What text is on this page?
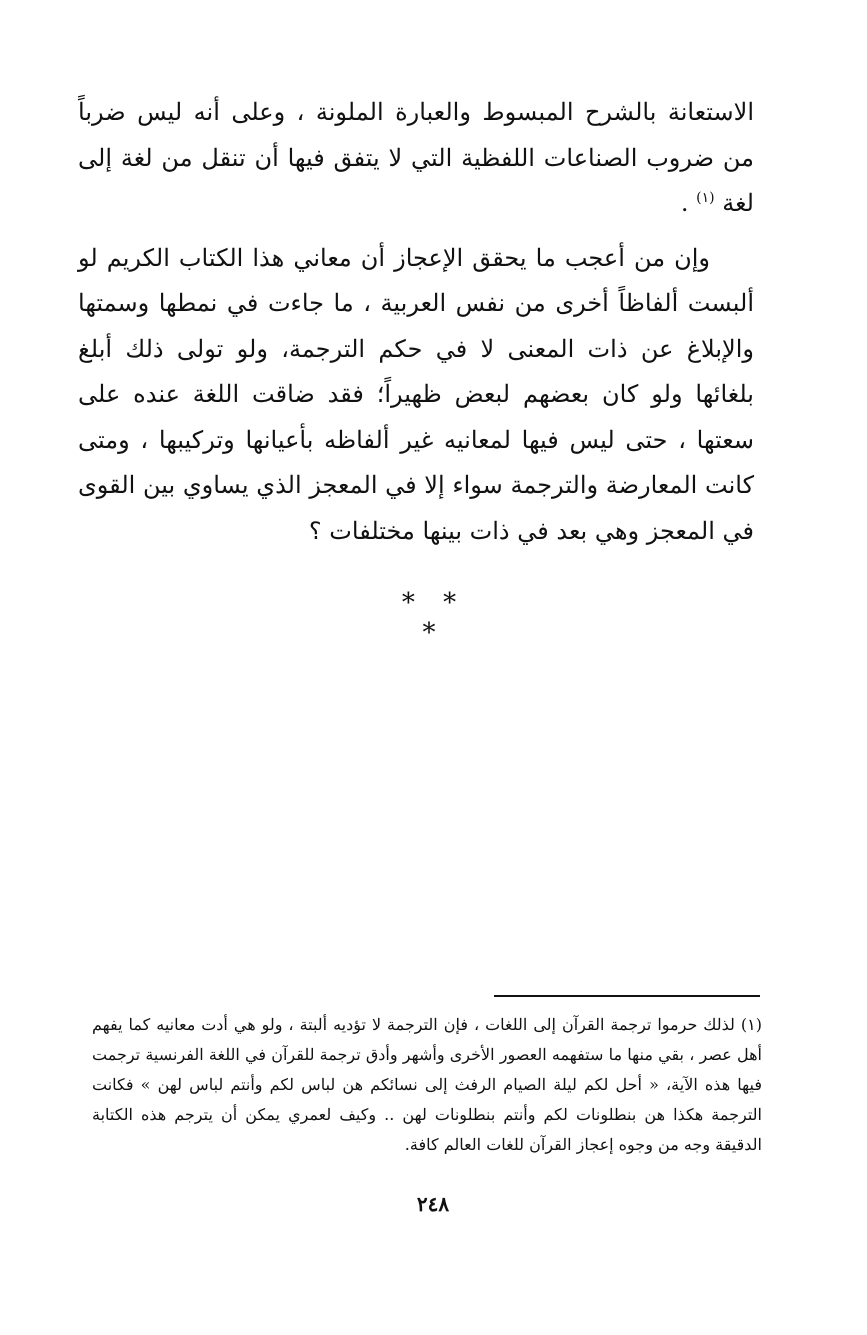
الاستعانة بالشرح المبسوط والعبارة الملونة ، وعلى أنه ليس ضرباً من ضروب الصناعات اللفظية التي لا يتفق فيها أن تنقل من لغة إلى لغة $^{(١)}$ .

وإن من أعجب ما يحقق الإعجاز أن معاني هذا الكتاب الكريم لو ألبست ألفاظاً أخرى من نفس العربية ، ما جاءت في نمطها وسمتها والإبلاغ عن ذات المعنى لا في حكم الترجمة، ولو تولى ذلك أبلغ بلغائها ولو كان بعضهم لبعض ظهيراً؛ فقد ضاقت اللغة عنده على سعتها ، حتى ليس فيها لمعانيه غير ألفاظه بأعيانها وتركيبها ، ومتى كانت المعارضة والترجمة سواء إلا في المعجز الذي يساوي بين القوى في المعجز وهي بعد في ذات بينها مختلفات ؟

* * *

(١) لذلك حرموا ترجمة القرآن إلى اللغات ، فإن الترجمة لا تؤديه ألبتة ، ولو هي أدت معانيه كما يفهم أهل عصر ، بقي منها ما ستفهمه العصور الأخرى وأشهر وأدق ترجمة للقرآن في اللغة الفرنسية ترجمت فيها هذه الآية، « أحل لكم ليلة الصيام الرفث إلى نسائكم هن لباس لكم وأنتم لباس لهن » فكانت الترجمة هكذا هن بنطلونات لكم وأنتم بنطلونات لهن .. وكيف لعمري يمكن أن يترجم هذه الكتابة الدقيقة وجه من وجوه إعجاز القرآن للغات العالم كافة.

٢٤٨
